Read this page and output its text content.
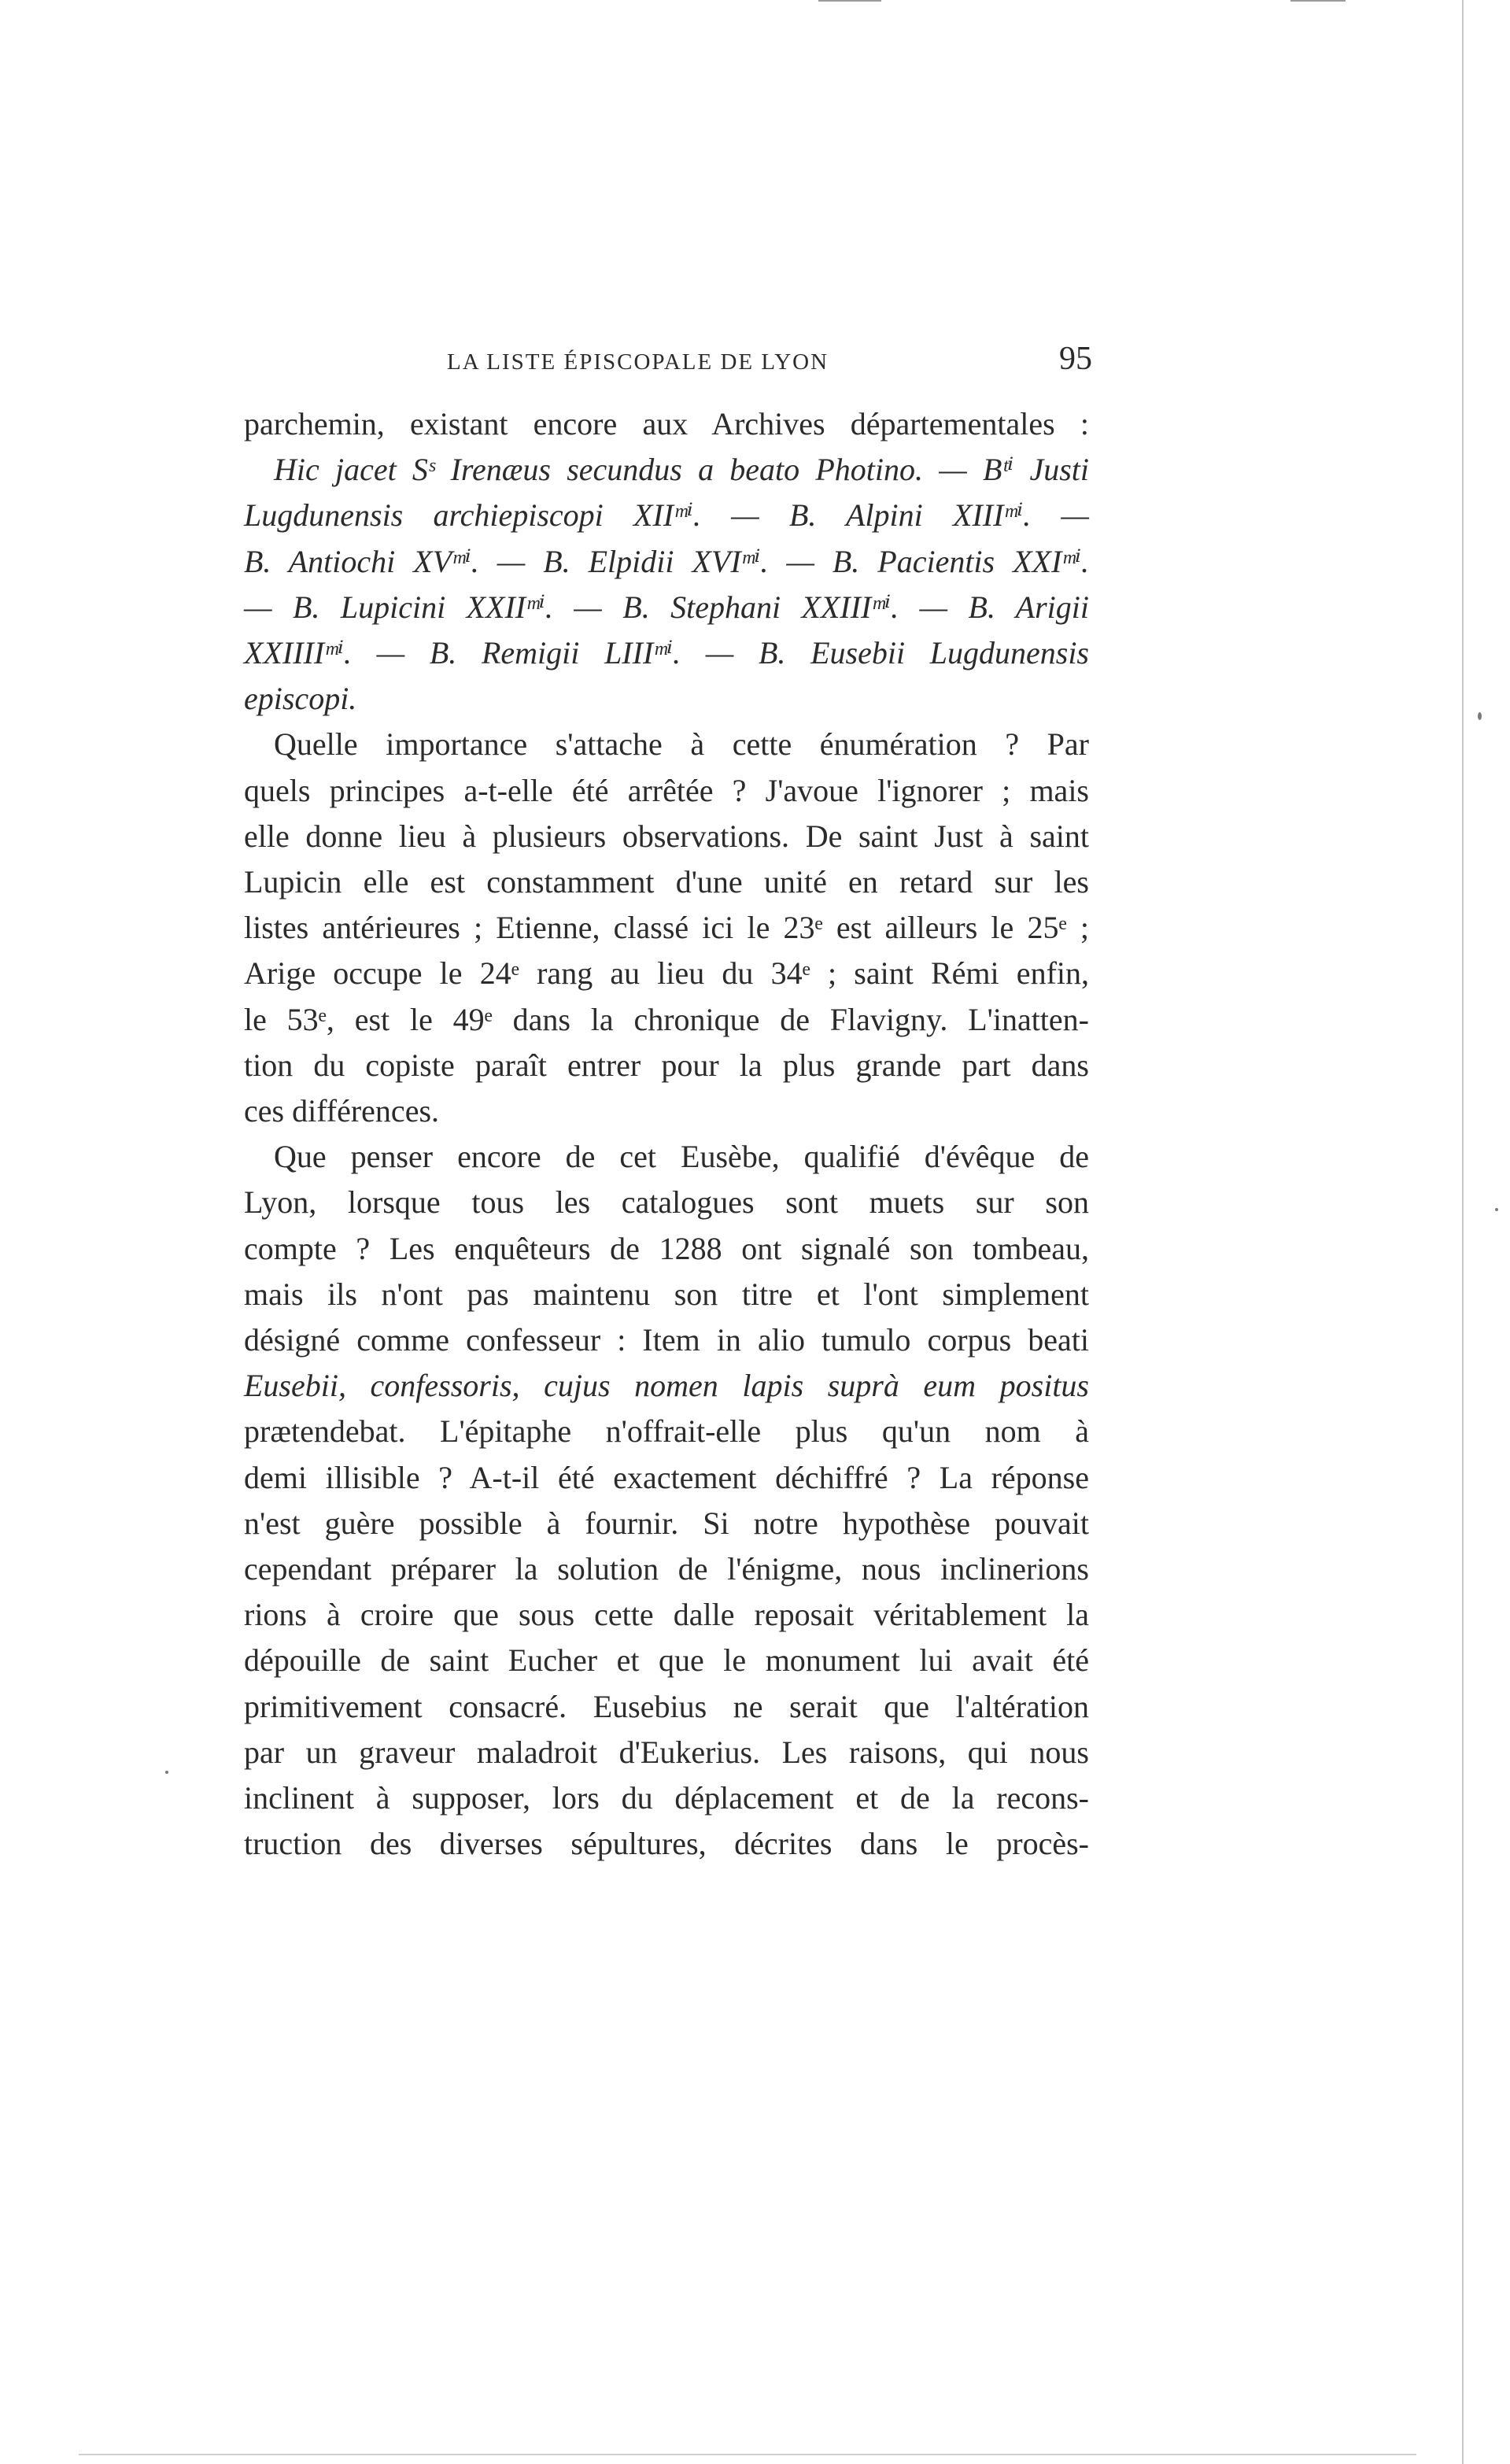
LA LISTE ÉPISCOPALE DE LYON	95

parchemin, existant encore aux Archives départementales :
Hic jacet Sˢ Irenæus secundus a beato Photino. — Bᵗⁱ Justi
Lugdunensis archiepiscopi XIIᵐⁱ. — B. Alpini XIIIᵐⁱ. —
B. Antiochi XVᵐⁱ. — B. Elpidii XVIᵐⁱ. — B. Pacientis XXIᵐⁱ.
— B. Lupicini XXIIᵐⁱ. — B. Stephani XXIIIᵐⁱ. — B. Arigii
XXIIIIᵐⁱ. — B. Remigii LIIIᵐⁱ. — B. Eusebii Lugdunensis
episcopi.

Quelle importance s'attache à cette énumération ? Par
quels principes a-t-elle été arrêtée ? J'avoue l'ignorer ; mais
elle donne lieu à plusieurs observations. De saint Just à saint
Lupicin elle est constamment d'une unité en retard sur les
listes antérieures ; Etienne, classé ici le 23ᵉ est ailleurs le 25ᵉ ;
Arige occupe le 24ᵉ rang au lieu du 34ᵉ ; saint Rémi enfin,
le 53ᵉ, est le 49ᵉ dans la chronique de Flavigny. L'inatten-
tion du copiste paraît entrer pour la plus grande part dans
ces différences.

Que penser encore de cet Eusèbe, qualifié d'évêque de
Lyon, lorsque tous les catalogues sont muets sur son
compte ? Les enquêteurs de 1288 ont signalé son tombeau,
mais ils n'ont pas maintenu son titre et l'ont simplement
désigné comme confesseur : Item in alio tumulo corpus beati
Eusebii, confessoris, cujus nomen lapis suprà eum positus
prætendebat. L'épitaphe n'offrait-elle plus qu'un nom à
demi illisible ? A-t-il été exactement déchiffré ? La réponse
n'est guère possible à fournir. Si notre hypothèse pouvait
cependant préparer la solution de l'énigme, nous inclinerions
rions à croire que sous cette dalle reposait véritablement la
dépouille de saint Eucher et que le monument lui avait été
primitivement consacré. Eusebius ne serait que l'altération
par un graveur maladroit d'Eukerius. Les raisons, qui nous
inclinent à supposer, lors du déplacement et de la recons-
truction des diverses sépultures, décrites dans le procès-
